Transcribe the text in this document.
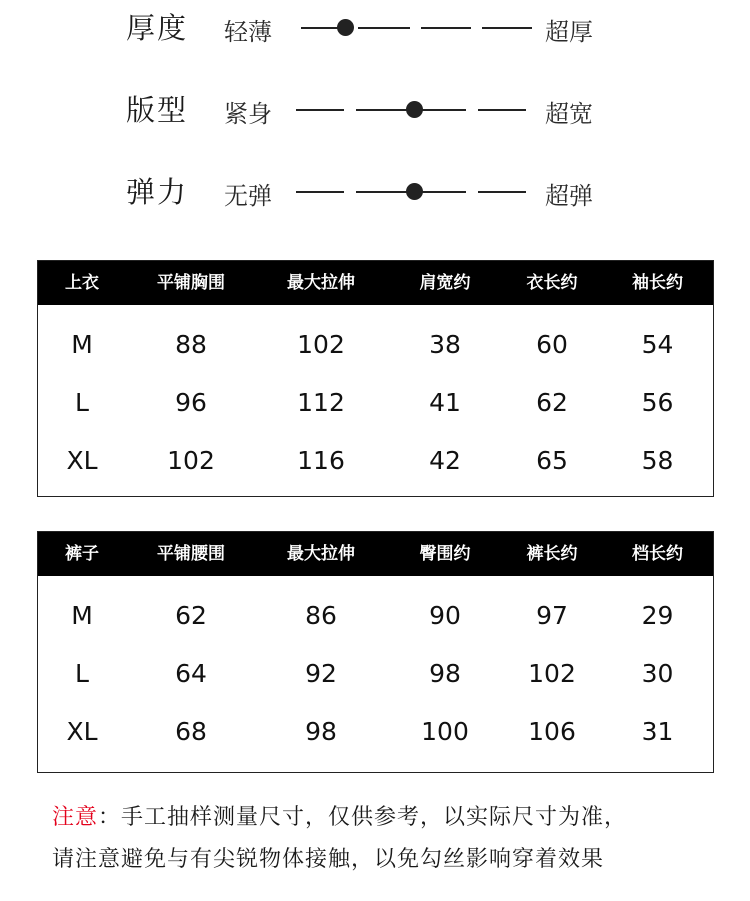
厚度 轻薄	超厚
版型 紧身	超宽
弹力 无弹	超弹
上衣	平铺胸围	最大拉伸	肩宽约	衣长约	袖长约
M	88	102	38	60	54
L	96	112	41	62	56
XL	102	116	42	65	58
裤子	平铺腰围	最大拉伸	臀围约	裤长约	档长约
M	62	86	90	97	29
L	64	92	98	102	30
XL	68	98	100	106	31
注意：手工抽样测量尺寸，仅供参考，以实际尺寸为准，
请注意避免与有尖锐物体接触，以免勾丝影响穿着效果
